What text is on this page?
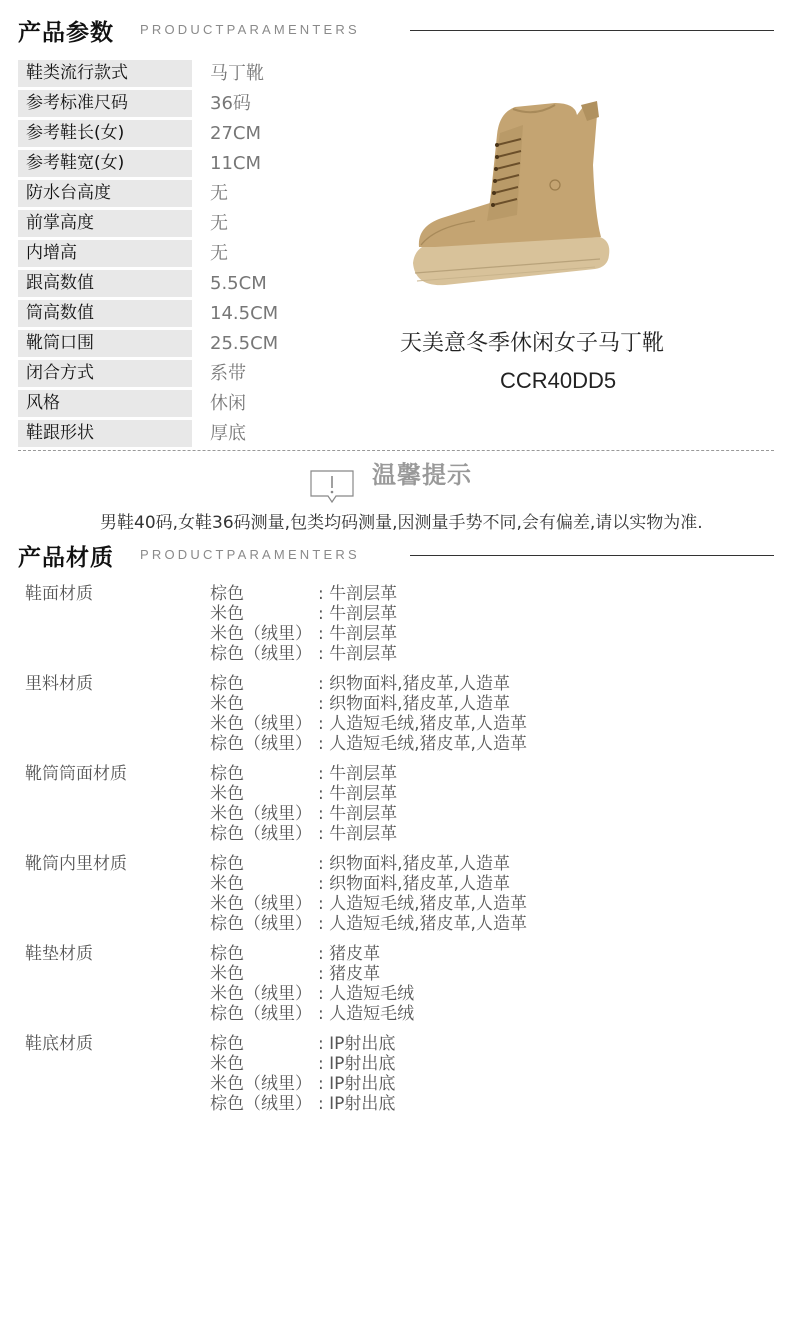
产品参数 PRODUCTPARAMENTERS
鞋类流行款式	马丁靴
参考标准尺码	36码
参考鞋长(女)	27CM
参考鞋宽(女)	11CM
防水台高度	无
前掌高度	无
内增高	无
跟高数值	5.5CM
筒高数值	14.5CM
靴筒口围	25.5CM
闭合方式	系带
风格	休闲
鞋跟形状	厚底
天美意冬季休闲女子马丁靴
CCR40DD5
温馨提示
男鞋40码,女鞋36码测量,包类均码测量,因测量手势不同,会有偏差,请以实物为准.
产品材质 PRODUCTPARAMENTERS
鞋面材质	棕色	: 牛剖层革
米色	: 牛剖层革
米色（绒里） : 牛剖层革
棕色（绒里） : 牛剖层革
里料材质	棕色	: 织物面料,猪皮革,人造革
米色	: 织物面料,猪皮革,人造革
米色（绒里） : 人造短毛绒,猪皮革,人造革
棕色（绒里） : 人造短毛绒,猪皮革,人造革
靴筒筒面材质	棕色	: 牛剖层革
米色	: 牛剖层革
米色（绒里） : 牛剖层革
棕色（绒里） : 牛剖层革
靴筒内里材质	棕色	: 织物面料,猪皮革,人造革
米色	: 织物面料,猪皮革,人造革
米色（绒里） : 人造短毛绒,猪皮革,人造革
棕色（绒里） : 人造短毛绒,猪皮革,人造革
鞋垫材质	棕色	: 猪皮革
米色	: 猪皮革
米色（绒里） : 人造短毛绒
棕色（绒里） : 人造短毛绒
鞋底材质	棕色	: IP射出底
米色	: IP射出底
米色（绒里） : IP射出底
棕色（绒里） : IP射出底
